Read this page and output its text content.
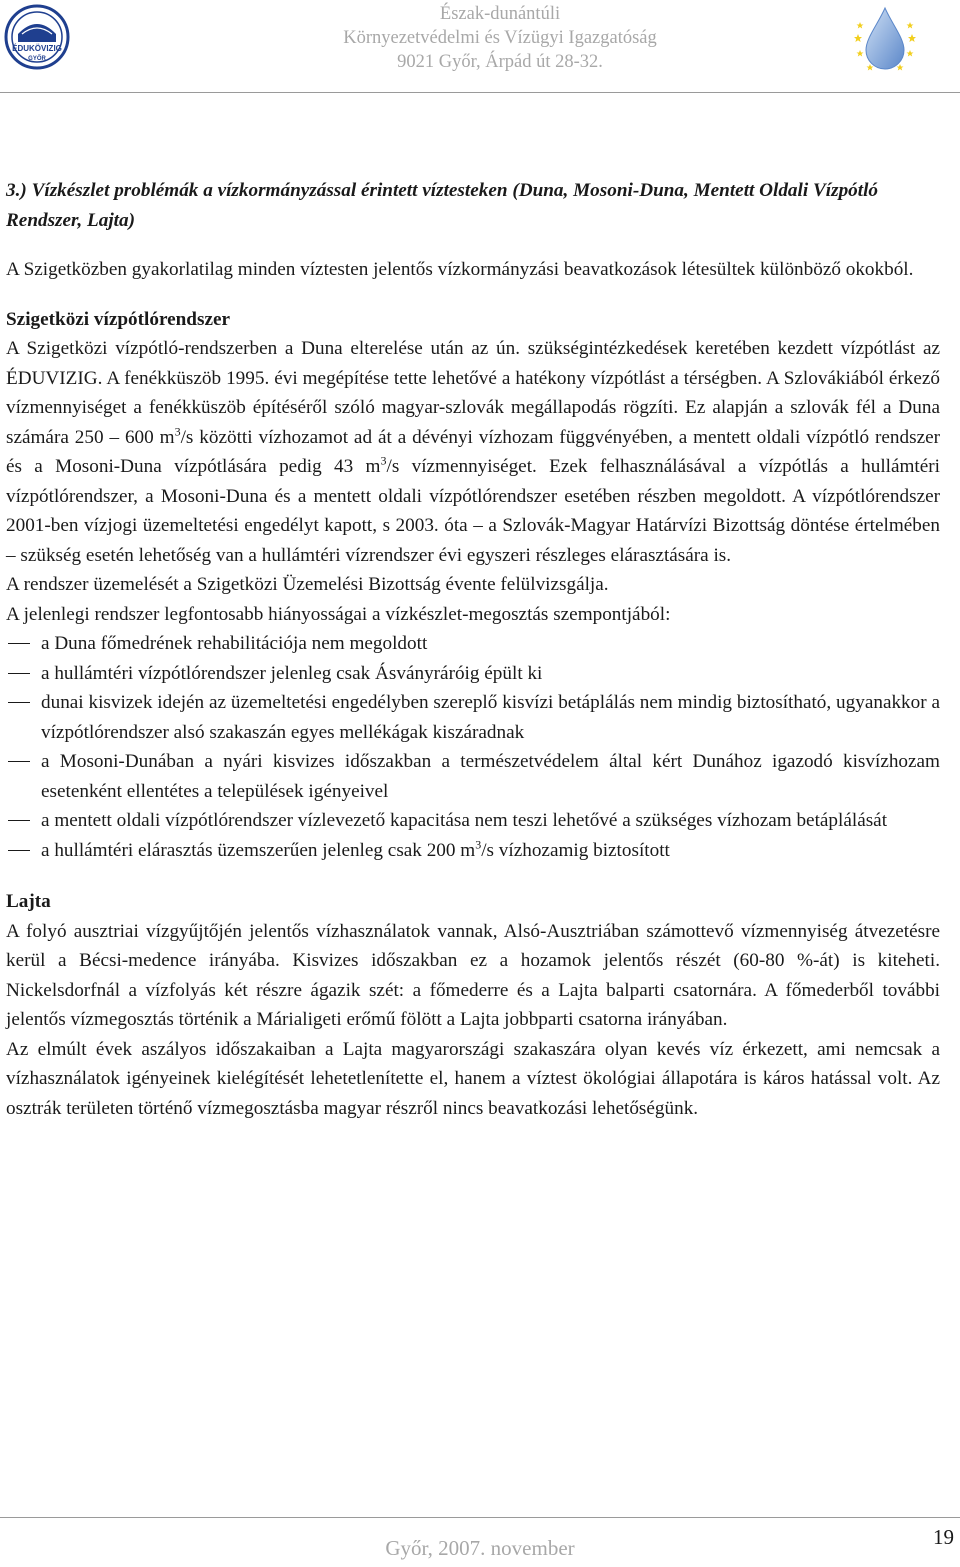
ÉDUKÖVIZIG
GYŐR
Észak-dunántúli
Környezetvédelmi és Vízügyi Igazgatóság
9021 Győr, Árpád út 28-32.

3.) Vízkészlet problémák a vízkormányzással érintett víztesteken (Duna, Mosoni-Duna, Mentett Oldali Vízpótló Rendszer, Lajta)

A Szigetközben gyakorlatilag minden víztesten jelentős vízkormányzási beavatkozások létesültek különböző okokból.

Szigetközi vízpótlórendszer

A Szigetközi vízpótló-rendszerben a Duna elterelése után az ún. szükségintézkedések keretében kezdett vízpótlást az ÉDUVIZIG. A fenékküszöb 1995. évi megépítése tette lehetővé a hatékony vízpótlást a térségben. A Szlovákiából érkező vízmennyiséget a fenékküszöb építéséről szóló magyar-szlovák megállapodás rögzíti. Ez alapján a szlovák fél a Duna számára 250 – 600 $m^3/s$ közötti vízhozamot ad át a dévényi vízhozam függvényében, a mentett oldali vízpótló rendszer és a Mosoni-Duna vízpótlására pedig 43 $m^3/s$ vízmennyiséget. Ezek felhasználásával a vízpótlás a hullámtéri vízpótlórendszer, a Mosoni-Duna és a mentett oldali vízpótlórendszer esetében részben megoldott. A vízpótlórendszer 2001-ben vízjogi üzemeltetési engedélyt kapott, s 2003. óta – a Szlovák-Magyar Határvízi Bizottság döntése értelmében – szükség esetén lehetőség van a hullámtéri vízrendszer évi egyszeri részleges elárasztására is.

A rendszer üzemelését a Szigetközi Üzemelési Bizottság évente felülvizsgálja.

A jelenlegi rendszer legfontosabb hiányosságai a vízkészlet-megosztás szempontjából:

a Duna főmedrének rehabilitációja nem megoldott
a hullámtéri vízpótlórendszer jelenleg csak Ásványráróig épült ki
dunai kisvizek idején az üzemeltetési engedélyben szereplő kisvízi betáplálás nem mindig biztosítható, ugyanakkor a vízpótlórendszer alsó szakaszán egyes mellékágak kiszáradnak
a Mosoni-Dunában a nyári kisvizes időszakban a természetvédelem által kért Dunához igazodó kisvízhozam esetenként ellentétes a települések igényeivel
a mentett oldali vízpótlórendszer vízlevezető kapacitása nem teszi lehetővé a szükséges vízhozam betáplálását
a hullámtéri elárasztás üzemszerűen jelenleg csak 200 $m^3/s$ vízhozamig biztosított

Lajta

A folyó ausztriai vízgyűjtőjén jelentős vízhasználatok vannak, Alsó-Ausztriában számottevő vízmennyiség átvezetésre kerül a Bécsi-medence irányába. Kisvizes időszakban ez a hozamok jelentős részét (60-80 %-át) is kiteheti. Nickelsdorfnál a vízfolyás két részre ágazik szét: a főmederre és a Lajta balparti csatornára. A főmederből további jelentős vízmegosztás történik a Márialigeti erőmű fölött a Lajta jobbparti csatorna irányában.

Az elmúlt évek aszályos időszakaiban a Lajta magyarországi szakaszára olyan kevés víz érkezett, ami nemcsak a vízhasználatok igényeinek kielégítését lehetetlenítette el, hanem a víztest ökológiai állapotára is káros hatással volt. Az osztrák területen történő vízmegosztásba magyar részről nincs beavatkozási lehetőségünk.

Győr, 2007. november	19
